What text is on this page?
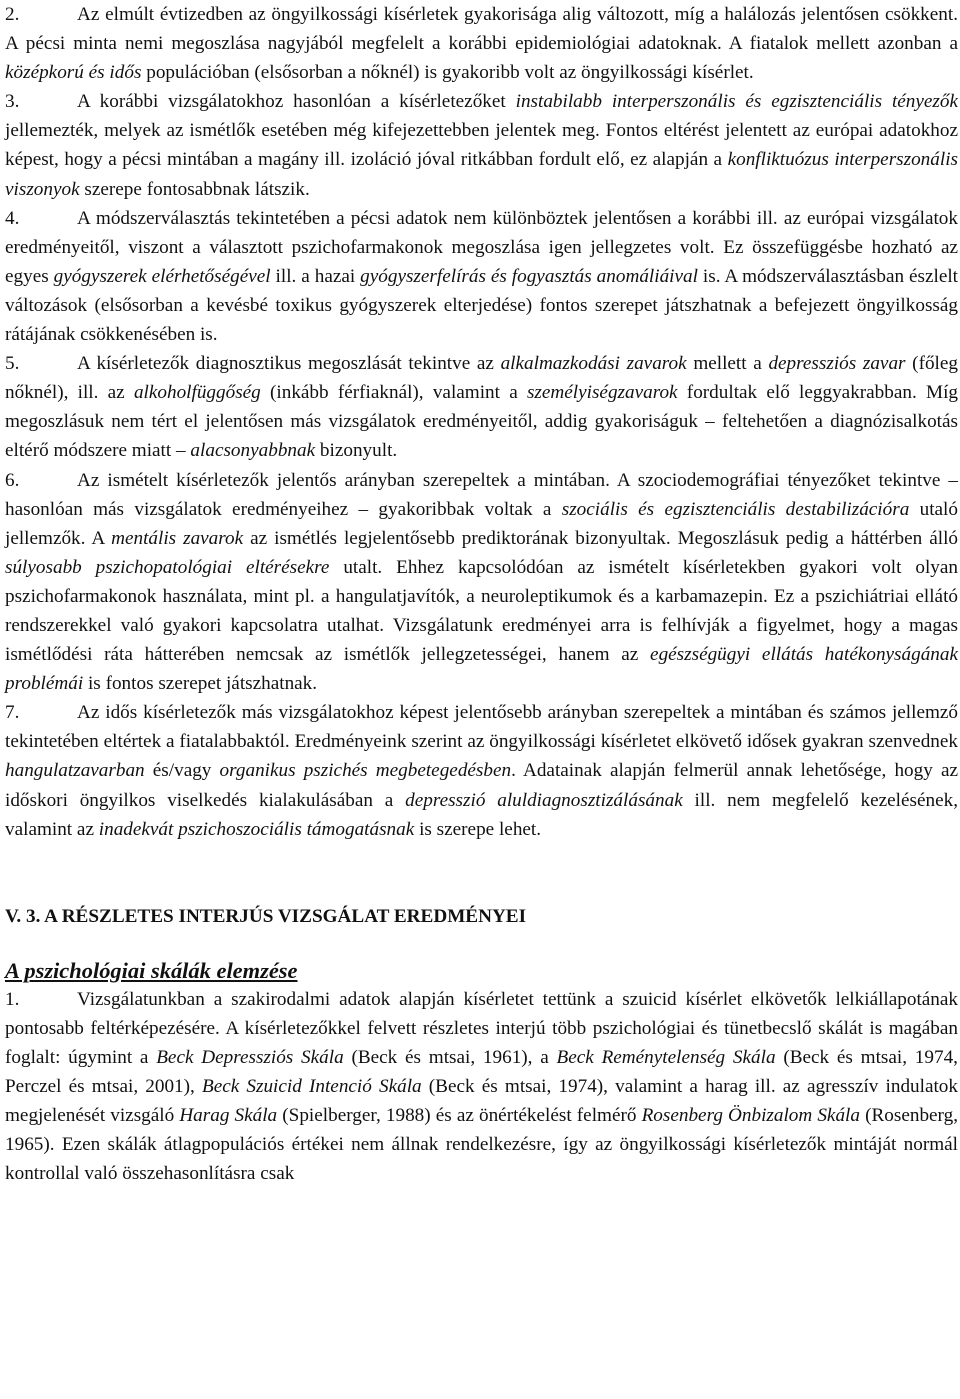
2.	Az elmúlt évtizedben az öngyilkossági kísérletek gyakorisága alig változott, míg a halálozás jelentősen csökkent. A pécsi minta nemi megoszlása nagyjából megfelelt a korábbi epidemiológiai adatoknak. A fiatalok mellett azonban a középkorú és idős populációban (elsősorban a nőknél) is gyakoribb volt az öngyilkossági kísérlet.

3.	A korábbi vizsgálatokhoz hasonlóan a kísérletezőket instabilabb interperszonális és egzisztenciális tényezők jellemezték, melyek az ismétlők esetében még kifejezettebben jelentek meg. Fontos eltérést jelentett az európai adatokhoz képest, hogy a pécsi mintában a magány ill. izoláció jóval ritkábban fordult elő, ez alapján a konfliktuózus interperszonális viszonyok szerepe fontosabbnak látszik.

4.	A módszerválasztás tekintetében a pécsi adatok nem különböztek jelentősen a korábbi ill. az európai vizsgálatok eredményeitől, viszont a választott pszichofarmakonok megoszlása igen jellegzetes volt. Ez összefüggésbe hozható az egyes gyógyszerek elérhetőségével ill. a hazai gyógyszerfelírás és fogyasztás anomáliáival is. A módszerválasztásban észlelt változások (elsősorban a kevésbé toxikus gyógyszerek elterjedése) fontos szerepet játszhatnak a befejezett öngyilkosság rátájának csökkenésében is.

5.	A kísérletezők diagnosztikus megoszlását tekintve az alkalmazkodási zavarok mellett a depressziós zavar (főleg nőknél), ill. az alkoholfüggőség (inkább férfiaknál), valamint a személyiségzavarok fordultak elő leggyakrabban. Míg megoszlásuk nem tért el jelentősen más vizsgálatok eredményeitől, addig gyakoriságuk – feltehetően a diagnózisalkotás eltérő módszere miatt – alacsonyabbnak bizonyult.

6.	Az ismételt kísérletezők jelentős arányban szerepeltek a mintában. A szociodemográfiai tényezőket tekintve – hasonlóan más vizsgálatok eredményeihez – gyakoribbak voltak a szociális és egzisztenciális destabilizációra utaló jellemzők. A mentális zavarok az ismétlés legjelentősebb prediktorának bizonyultak. Megoszlásuk pedig a háttérben álló súlyosabb pszichopatológiai eltérésekre utalt. Ehhez kapcsolódóan az ismételt kísérletekben gyakori volt olyan pszichofarmakonok használata, mint pl. a hangulatjavítók, a neuroleptikumok és a karbamazepin. Ez a pszichiátriai ellátó rendszerekkel való gyakori kapcsolatra utalhat. Vizsgálatunk eredményei arra is felhívják a figyelmet, hogy a magas ismétlődési ráta hátterében nemcsak az ismétlők jellegzetességei, hanem az egészségügyi ellátás hatékonyságának problémái is fontos szerepet játszhatnak.

7.	Az idős kísérletezők más vizsgálatokhoz képest jelentősebb arányban szerepeltek a mintában és számos jellemző tekintetében eltértek a fiatalabbaktól. Eredményeink szerint az öngyilkossági kísérletet elkövető idősek gyakran szenvednek hangulatzavarban és/vagy organikus pszichés megbetegedésben. Adatainak alapján felmerül annak lehetősége, hogy az időskori öngyilkos viselkedés kialakulásában a depresszió aluldiagnosztizálásának ill. nem megfelelő kezelésének, valamint az inadekvát pszichoszociális támogatásnak is szerepe lehet.

V. 3. A RÉSZLETES INTERJÚS VIZSGÁLAT EREDMÉNYEI
A pszichológiai skálák elemzése

1.	Vizsgálatunkban a szakirodalmi adatok alapján kísérletet tettünk a szuicid kísérlet elkövetők lelkiállapotának pontosabb feltérképezésére. A kísérletezőkkel felvett részletes interjú több pszichológiai és tünetbecslő skálát is magában foglalt: úgymint a Beck Depressziós Skála (Beck és mtsai, 1961), a Beck Reménytelenség Skála (Beck és mtsai, 1974, Perczel és mtsai, 2001), Beck Szuicid Intenció Skála (Beck és mtsai, 1974), valamint a harag ill. az agresszív indulatok megjelenését vizsgáló Harag Skála (Spielberger, 1988) és az önértékelést felmérő Rosenberg Önbizalom Skála (Rosenberg, 1965). Ezen skálák átlagpopulációs értékei nem állnak rendelkezésre, így az öngyilkossági kísérletezők mintáját normál kontrollal való összehasonlításra csak
